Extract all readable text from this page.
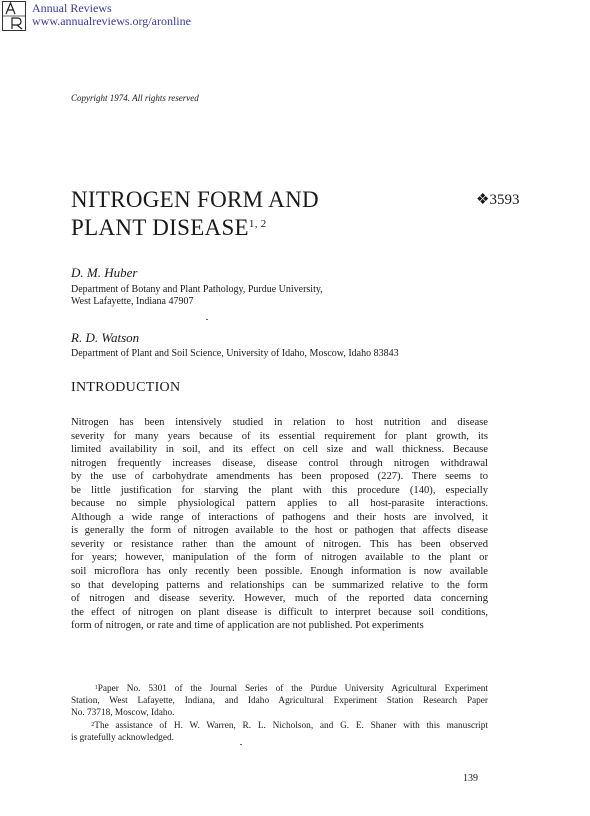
Annual Reviews
www.annualreviews.org/aronline
Copyright 1974. All rights reserved
NITROGEN FORM AND
PLANT DISEASE$^{1, 2}$
❖3593
D. M. Huber
Department of Botany and Plant Pathology, Purdue University,
West Lafayette, Indiana 47907
R. D. Watson
Department of Plant and Soil Science, University of Idaho, Moscow, Idaho 83843
INTRODUCTION
Nitrogen has been intensively studied in relation to host nutrition and disease
severity for many years because of its essential requirement for plant growth, its
limited availability in soil, and its effect on cell size and wall thickness. Because
nitrogen frequently increases disease, disease control through nitrogen withdrawal
by the use of carbohydrate amendments has been proposed (227). There seems to
be little justification for starving the plant with this procedure (140), especially
because no simple physiological pattern applies to all host-parasite interactions.
Although a wide range of interactions of pathogens and their hosts are involved, it
is generally the form of nitrogen available to the host or pathogen that affects disease
severity or resistance rather than the amount of nitrogen. This has been observed
for years; however, manipulation of the form of nitrogen available to the plant or
soil microflora has only recently been possible. Enough information is now available
so that developing patterns and relationships can be summarized relative to the form
of nitrogen and disease severity. However, much of the reported data concerning
the effect of nitrogen on plant disease is difficult to interpret because soil conditions,
form of nitrogen, or rate and time of application are not published. Pot experiments
$^1$Paper No. 5301 of the Journal Series of the Purdue University Agricultural Experiment
Station, West Lafayette, Indiana, and Idaho Agricultural Experiment Station Research Paper
No. 73718, Moscow, Idaho.
$^2$The assistance of H. W. Warren, R. L. Nicholson, and G. E. Shaner with this manuscript
is gratefully acknowledged.
139
